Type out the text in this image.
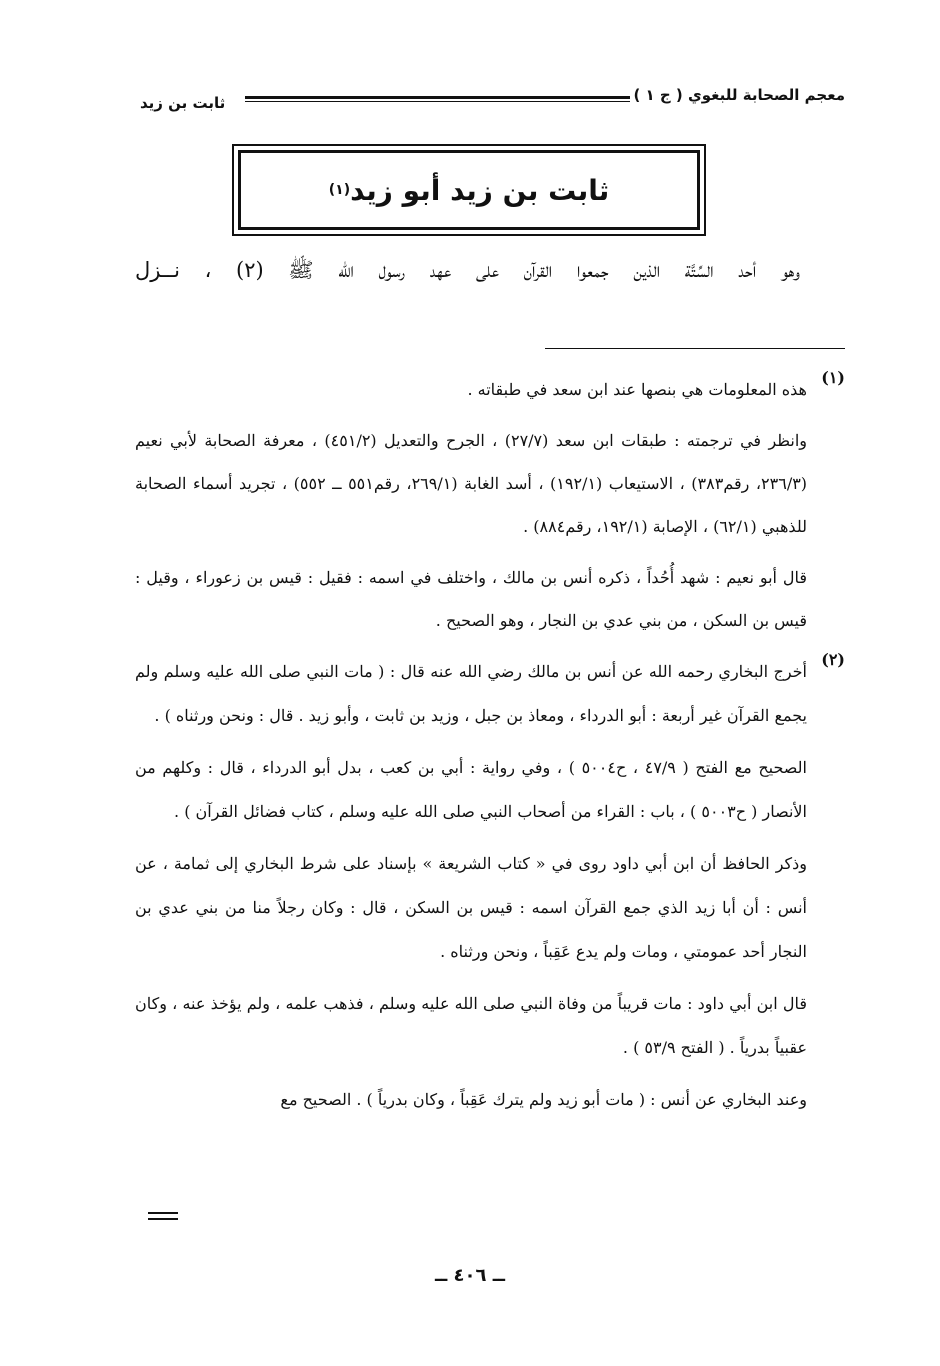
معجم الصحابة للبغوي ( ج ١ )
ثابت بن زيد
ثابت بن زيد أبو زيد
(١)
وهو أحد السِّتَّة الذين جمعوا القرآن على عهد رسول الله ﷺ (٢) ، نــزل
(١)

هذه المعلومات هي بنصها عند ابن سعد في طبقاته .

وانظر في ترجمته : طبقات ابن سعد (٢٧/٧) ، الجرح والتعديل (٤٥١/٢) ، معرفة الصحابة لأبي نعيم (٢٣٦/٣، رقم٣٨٣) ، الاستيعاب (١٩٢/١) ، أسد الغابة (٢٦٩/١، رقم٥٥١ ــ ٥٥٢) ، تجريد أسماء الصحابة للذهبي (٦٢/١) ، الإصابة (١٩٢/١، رقم٨٨٤) .

قال أبو نعيم : شهد أُحُداً ، ذكره أنس بن مالك ، واختلف في اسمه : فقيل : قيس بن زعوراء ، وقيل : قيس بن السكن ، من بني عدي بن النجار ، وهو الصحيح .

(٢)

أخرج البخاري رحمه الله عن أنس بن مالك رضي الله عنه قال : ( مات النبي صلى الله عليه وسلم ولم يجمع القرآن غير أربعة : أبو الدرداء ، ومعاذ بن جبل ، وزيد بن ثابت ، وأبو زيد . قال : ونحن ورثناه ) .

الصحيح مع الفتح ( ٤٧/٩ ، ح٥٠٠٤ ) ، وفي رواية : أبي بن كعب ، بدل أبو الدرداء ، قال : وكلهم من الأنصار ( ح٥٠٠٣ ) ، باب : القراء من أصحاب النبي صلى الله عليه وسلم ، كتاب فضائل القرآن ) .

وذكر الحافظ أن ابن أبي داود روى في « كتاب الشريعة » بإسناد على شرط البخاري إلى ثمامة ، عن أنس : أن أبا زيد الذي جمع القرآن اسمه : قيس بن السكن ، قال : وكان رجلاً منا من بني عدي بن النجار أحد عمومتي ، ومات ولم يدع عَقِباً ، ونحن ورثناه .

قال ابن أبي داود : مات قريباً من وفاة النبي صلى الله عليه وسلم ، فذهب علمه ، ولم يؤخذ عنه ، وكان عقبياً بدرياً . ( الفتح ٥٣/٩ ) .

وعند البخاري عن أنس : ( مات أبو زيد ولم يترك عَقِباً ، وكان بدرياً ) . الصحيح مع

ــ ٤٠٦ ــ
